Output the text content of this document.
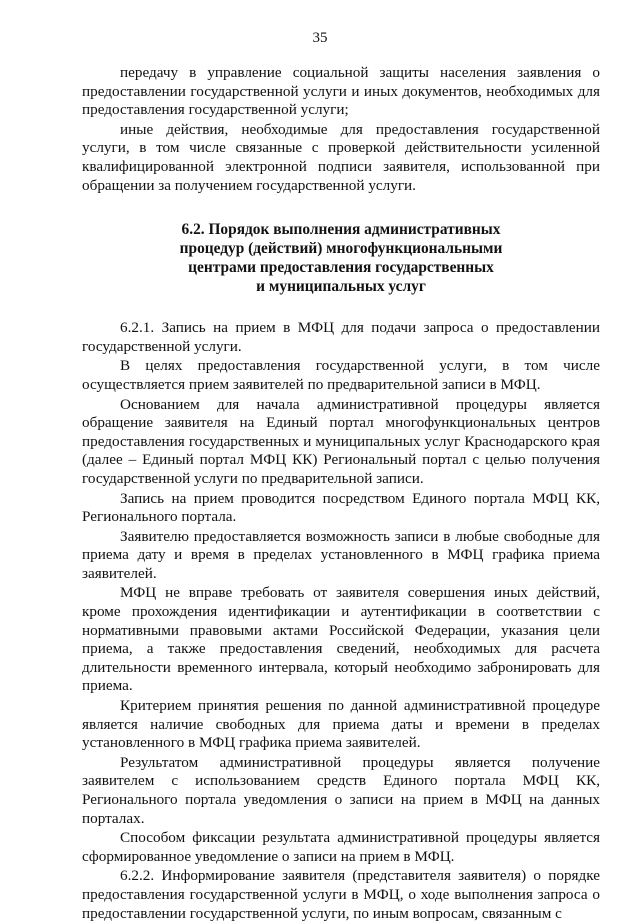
35

передачу в управление социальной защиты населения заявления о предоставлении государственной услуги и иных документов, необходимых для предоставления государственной услуги;

иные действия, необходимые для предоставления государственной услуги, в том числе связанные с проверкой действительности усиленной квалифицированной электронной подписи заявителя, использованной при обращении за получением государственной услуги.

6.2. Порядок выполнения административных
процедур (действий) многофункциональными
центрами предоставления государственных
и муниципальных услуг

6.2.1. Запись на прием в МФЦ для подачи запроса о предоставлении государственной услуги.

В целях предоставления государственной услуги, в том числе осуществляется прием заявителей по предварительной записи в МФЦ.

Основанием для начала административной процедуры является обращение заявителя на Единый портал многофункциональных центров предоставления государственных и муниципальных услуг Краснодарского края (далее – Единый портал МФЦ КК) Региональный портал с целью получения государственной услуги по предварительной записи.

Запись на прием проводится посредством Единого портала МФЦ КК, Регионального портала.

Заявителю предоставляется возможность записи в любые свободные для приема дату и время в пределах установленного в МФЦ графика приема заявителей.

МФЦ не вправе требовать от заявителя совершения иных действий, кроме прохождения идентификации и аутентификации в соответствии с нормативными правовыми актами Российской Федерации, указания цели приема, а также предоставления сведений, необходимых для расчета длительности временного интервала, который необходимо забронировать для приема.

Критерием принятия решения по данной административной процедуре является наличие свободных для приема даты и времени в пределах установленного в МФЦ графика приема заявителей.

Результатом административной процедуры является получение заявителем с использованием средств Единого портала МФЦ КК, Регионального портала уведомления о записи на прием в МФЦ на данных порталах.

Способом фиксации результата административной процедуры является сформированное уведомление о записи на прием в МФЦ.

6.2.2. Информирование заявителя (представителя заявителя) о порядке предоставления государственной услуги в МФЦ, о ходе выполнения запроса о предоставлении государственной услуги, по иным вопросам, связанным с
